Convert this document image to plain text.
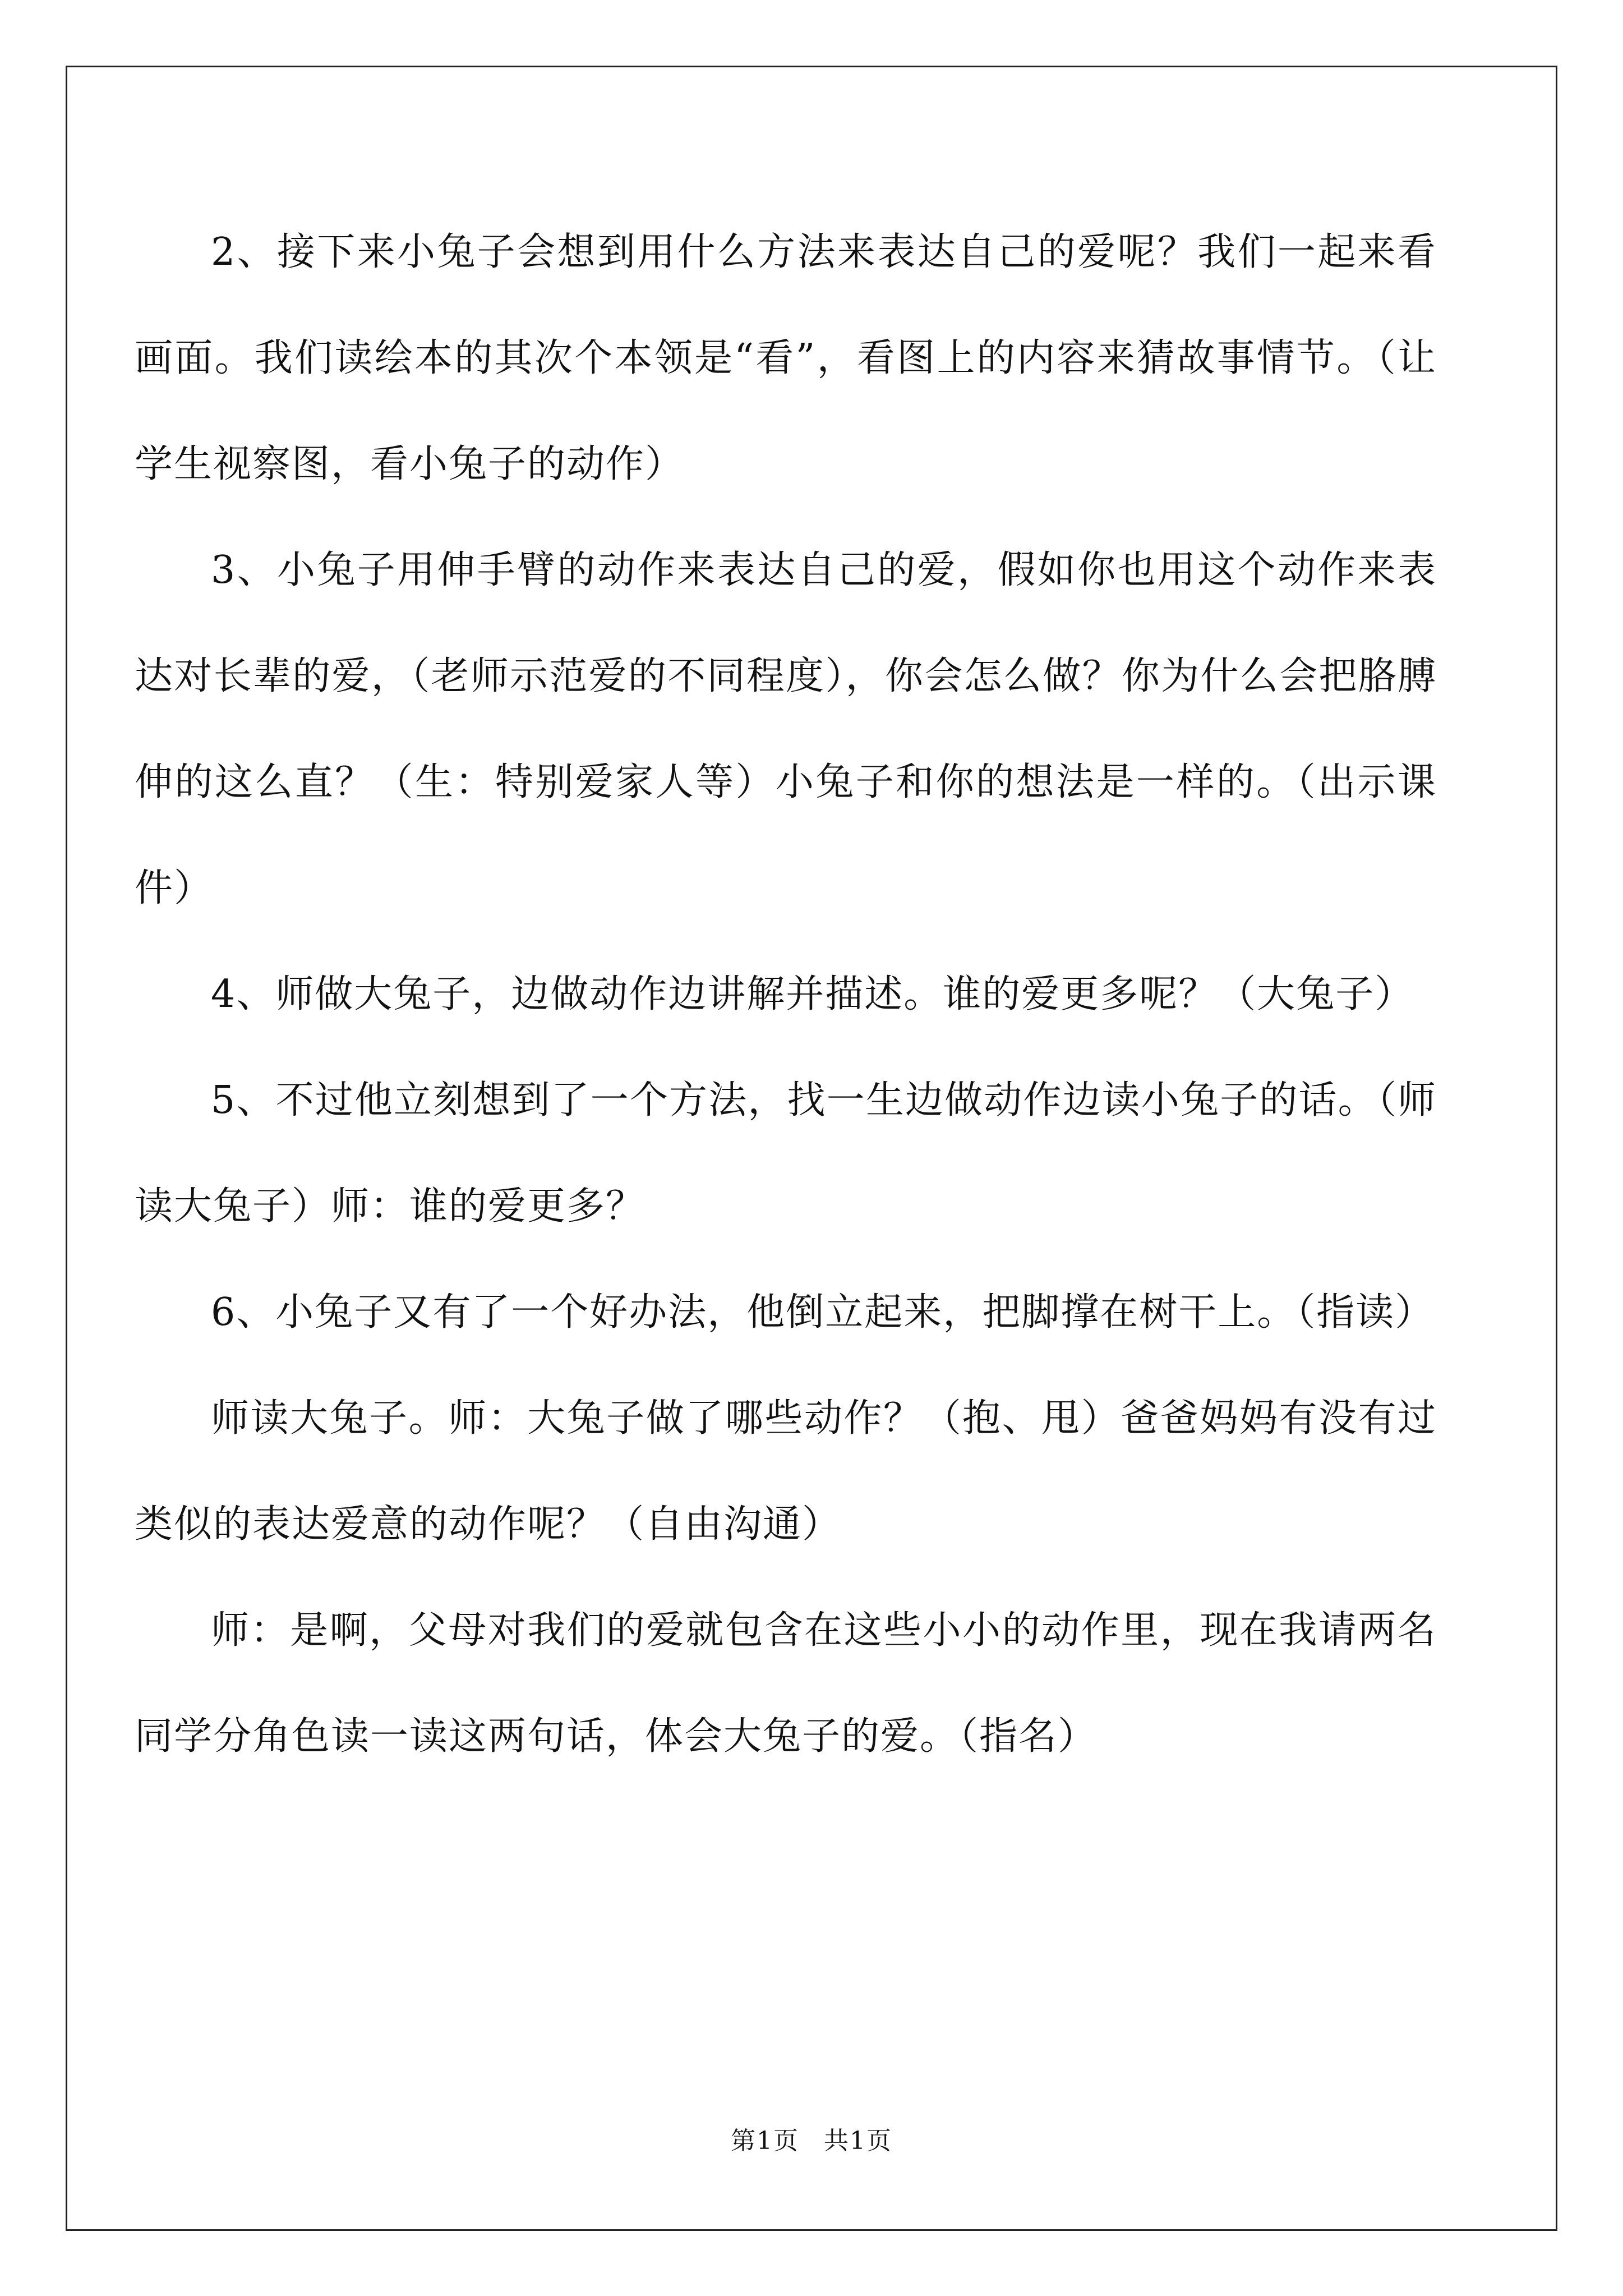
2、接下来小兔子会想到用什么方法来表达自己的爱呢？我们一起来看画面。我们读绘本的其次个本领是“看”，看图上的内容来猜故事情节。（让学生视察图，看小兔子的动作）

3、小兔子用伸手臂的动作来表达自己的爱，假如你也用这个动作来表达对长辈的爱，（老师示范爱的不同程度），你会怎么做？你为什么会把胳膊伸的这么直？（生：特别爱家人等）小兔子和你的想法是一样的。（出示课件）

4、师做大兔子，边做动作边讲解并描述。谁的爱更多呢？（大兔子）

5、不过他立刻想到了一个方法，找一生边做动作边读小兔子的话。（师读大兔子）师：谁的爱更多？

6、小兔子又有了一个好办法，他倒立起来，把脚撑在树干上。（指读）

师读大兔子。师：大兔子做了哪些动作？（抱、甩）爸爸妈妈有没有过类似的表达爱意的动作呢？（自由沟通）

师：是啊，父母对我们的爱就包含在这些小小的动作里，现在我请两名同学分角色读一读这两句话，体会大兔子的爱。（指名）

第1页 共1页
